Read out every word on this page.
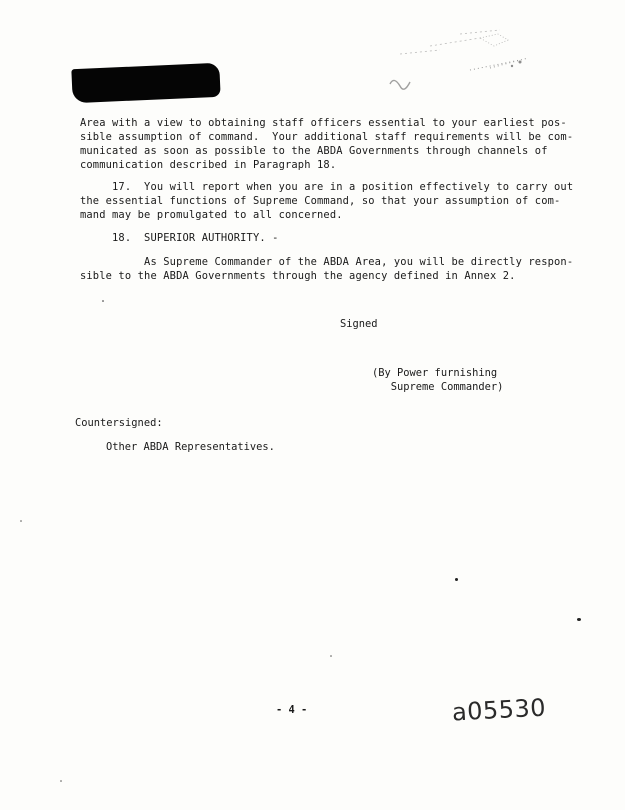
Area with a view to obtaining staff officers essential to your earliest pos-
sible assumption of command.  Your additional staff requirements will be com-
municated as soon as possible to the ABDA Governments through channels of
communication described in Paragraph 18.
17.  You will report when you are in a position effectively to carry out
the essential functions of Supreme Command, so that your assumption of com-
mand may be promulgated to all concerned.
18.  SUPERIOR AUTHORITY. -
As Supreme Commander of the ABDA Area, you will be directly respon-
sible to the ABDA Governments through the agency defined in Annex 2.
Signed
(By Power furnishing
Supreme Commander)
Countersigned:
Other ABDA Representatives.
- 4 -	a05530
